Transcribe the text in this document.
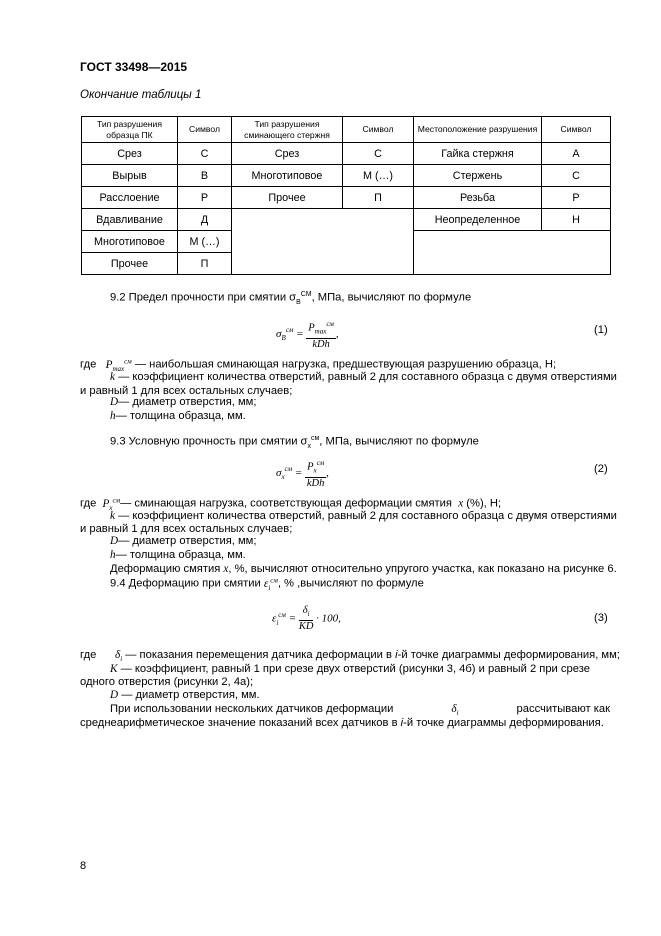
ГОСТ 33498—2015
Окончание таблицы 1
Тип разрушения образца ПК	Символ	Тип разрушения сминающего стержня	Символ	Местоположение разрушения	Символ
Срез	С	Срез	С	Гайка стержня	А
Вырыв	В	Многотиповое	М (…)	Стержень	С
Расслоение	Р	Прочее	П	Резьба	Р
Вдавливание	Д			Неопределенное	Н
Многотиповое	М (…)				
Прочее	П				
9.2 Предел прочности при смятии $\sigma_В^{СМ}$, МПа, вычисляют по формуле
$\sigma_В^{см} = \frac{P_{max}^{см}}{\text{kDh}}$ ,	(1)
где $P_{max}^{см}$ — наибольшая сминающая нагрузка, предшествующая разрушению образца, Н;
k — коэффициент количества отверстий, равный 2 для составного образца с двумя отверстиями
и равный 1 для всех остальных случаев;
D— диаметр отверстия, мм;
h— толщина образца, мм.
9.3 Условную прочность при смятии $\sigma_x^{см}$, МПа, вычисляют по формуле
$\sigma_x^{см} = \frac{P_x^{см}}{\text{kDh}}$ ,	(2)
где $P_x^{см}—$ сминающая нагрузка, соответствующая деформации смятия x (%), Н;
k — коэффициент количества отверстий, равный 2 для составного образца с двумя отверстиями
и равный 1 для всех остальных случаев;
D— диаметр отверстия, мм;
h— толщина образца, мм.
Деформацию смятия x, %, вычисляют относительно упругого участка, как показано на рисунке 6.
9.4 Деформацию при смятии $\varepsilon_i^{см}$, % ,вычисляют по формуле
$\varepsilon_i^{см} = \frac{\delta_i}{KD} \cdot 100$,	(3)
где $\delta_i$ — показания перемещения датчика деформации в i-й точке диаграммы деформирования, мм;
K — коэффициент, равный 1 при срезе двух отверстий (рисунки 3, 4б) и равный 2 при срезе
одного отверстия (рисунки 2, 4а);
D — диаметр отверстия, мм.
При использовании нескольких датчиков деформации	$\delta_i$	рассчитывают как
среднеарифметическое значение показаний всех датчиков в i-й точке диаграммы деформирования.
8
